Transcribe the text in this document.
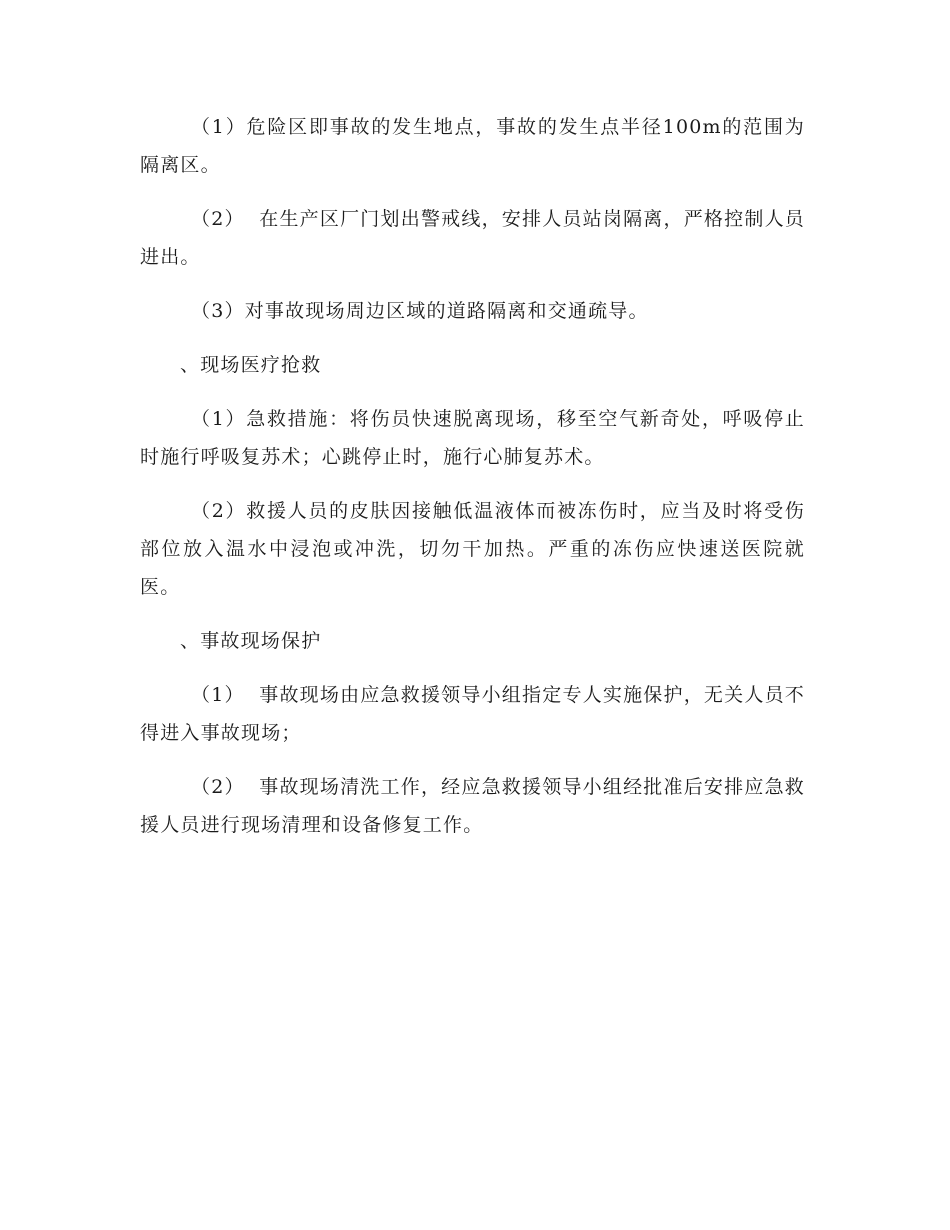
（1）危险区即事故的发生地点，事故的发生点半径100m的范围为隔离区。

（2）  在生产区厂门划出警戒线，安排人员站岗隔离，严格控制人员进出。

（3）对事故现场周边区域的道路隔离和交通疏导。

、现场医疗抢救

（1）急救措施：将伤员快速脱离现场，移至空气新奇处，呼吸停止时施行呼吸复苏术；心跳停止时，施行心肺复苏术。

（2）救援人员的皮肤因接触低温液体而被冻伤时，应当及时将受伤部位放入温水中浸泡或冲洗，切勿干加热。严重的冻伤应快速送医院就医。

、事故现场保护

（1）  事故现场由应急救援领导小组指定专人实施保护，无关人员不得进入事故现场；

（2）  事故现场清洗工作，经应急救援领导小组经批准后安排应急救援人员进行现场清理和设备修复工作。
